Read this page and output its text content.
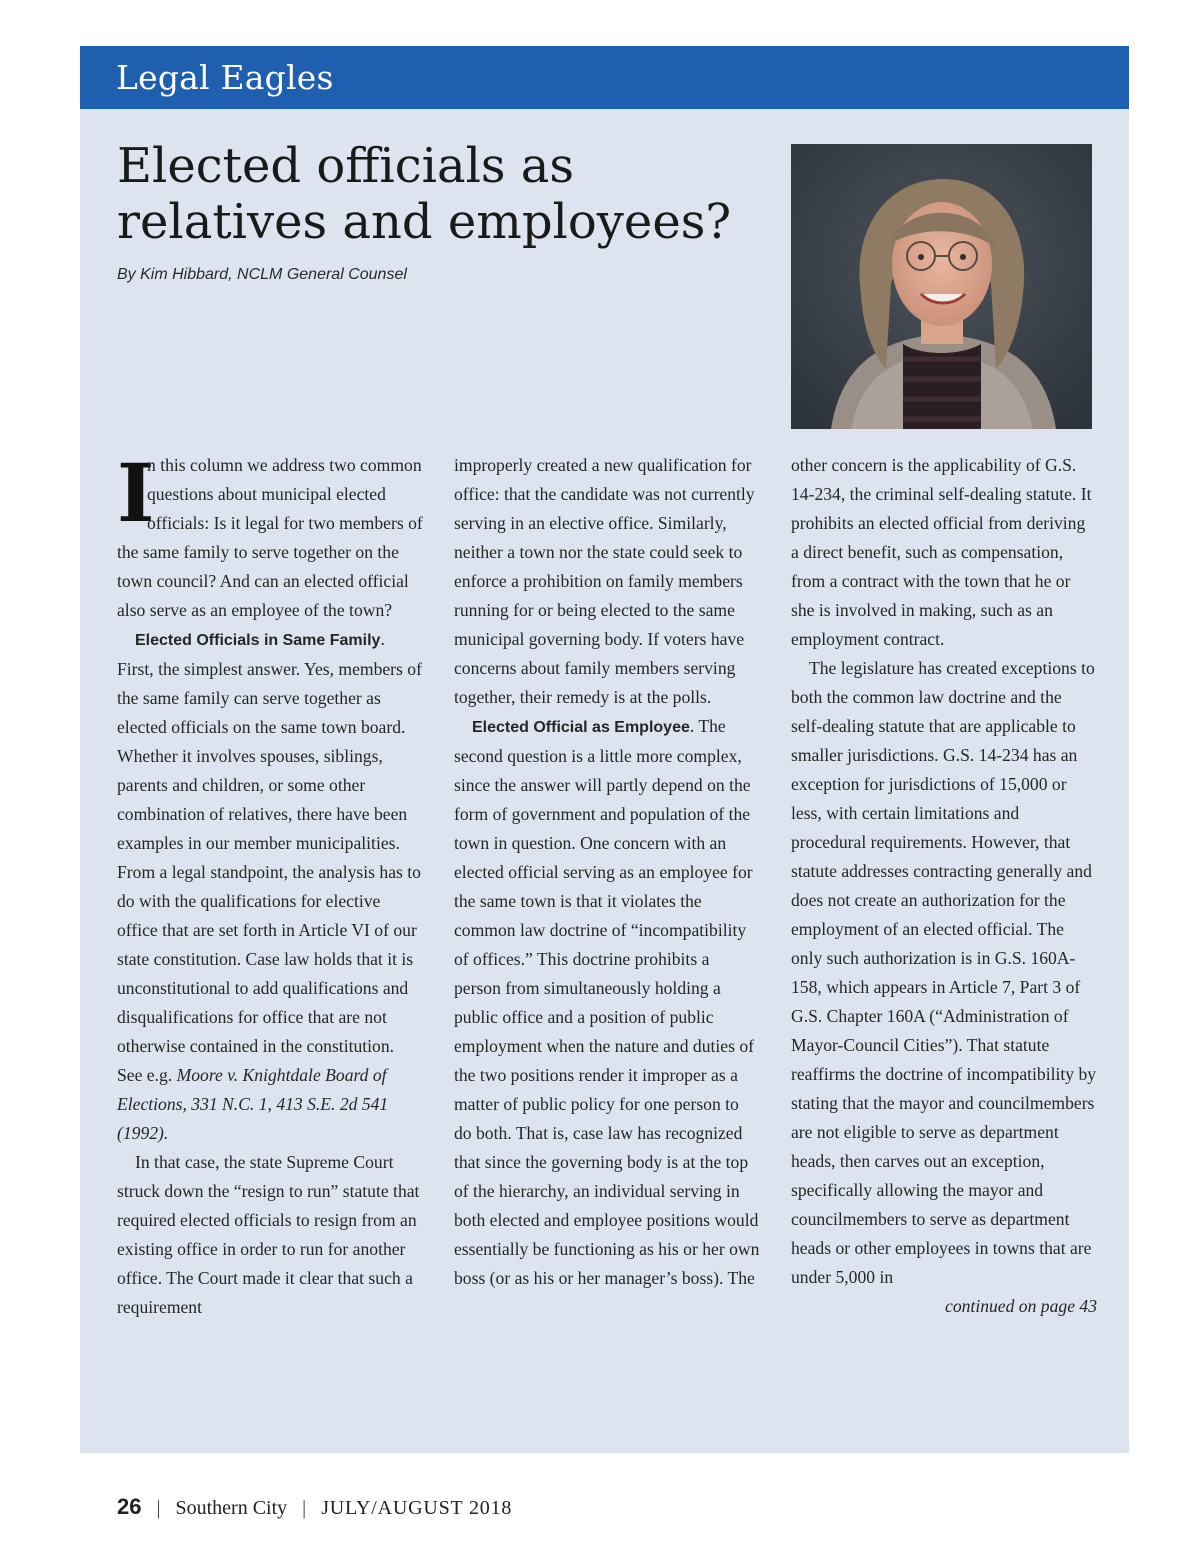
Legal Eagles
Elected officials as relatives and employees?
By Kim Hibbard, NCLM General Counsel

I
n this column we address two common questions about municipal elected officials: Is it legal for two members of the same family to serve together on the town council? And can an elected official also serve as an employee of the town?

Elected Officials in Same Family. First, the simplest answer. Yes, members of the same family can serve together as elected officials on the same town board. Whether it involves spouses, siblings, parents and children, or some other combination of relatives, there have been examples in our member municipalities. From a legal standpoint, the analysis has to do with the qualifications for elective office that are set forth in Article VI of our state constitution. Case law holds that it is unconstitutional to add qualifications and disqualifications for office that are not otherwise contained in the constitution. See e.g. Moore v. Knightdale Board of Elections, 331 N.C. 1, 413 S.E. 2d 541 (1992).

In that case, the state Supreme Court struck down the “resign to run” statute that required elected officials to resign from an existing office in order to run for another office. The Court made it clear that such a requirement

improperly created a new qualification for office: that the candidate was not currently serving in an elective office. Similarly, neither a town nor the state could seek to enforce a prohibition on family members running for or being elected to the same municipal governing body. If voters have concerns about family members serving together, their remedy is at the polls.

Elected Official as Employee. The second question is a little more complex, since the answer will partly depend on the form of government and population of the town in question. One concern with an elected official serving as an employee for the same town is that it violates the common law doctrine of “incompatibility of offices.” This doctrine prohibits a person from simultaneously holding a public office and a position of public employment when the nature and duties of the two positions render it improper as a matter of public policy for one person to do both. That is, case law has recognized that since the governing body is at the top of the hierarchy, an individual serving in both elected and employee positions would essentially be functioning as his or her own boss (or as his or her manager’s boss). The

other concern is the applicability of G.S. 14-234, the criminal self-dealing statute. It prohibits an elected official from deriving a direct benefit, such as compensation, from a contract with the town that he or she is involved in making, such as an employment contract.

The legislature has created exceptions to both the common law doctrine and the self-dealing statute that are applicable to smaller jurisdictions. G.S. 14-234 has an exception for jurisdictions of 15,000 or less, with certain limitations and procedural requirements. However, that statute addresses contracting generally and does not create an authorization for the employment of an elected official. The only such authorization is in G.S. 160A-158, which appears in Article 7, Part 3 of G.S. Chapter 160A (“Administration of Mayor-Council Cities”). That statute reaffirms the doctrine of incompatibility by stating that the mayor and councilmembers are not eligible to serve as department heads, then carves out an exception, specifically allowing the mayor and councilmembers to serve as department heads or other employees in towns that are under 5,000 in

continued on page 43

26 | Southern City | JULY/AUGUST 2018
